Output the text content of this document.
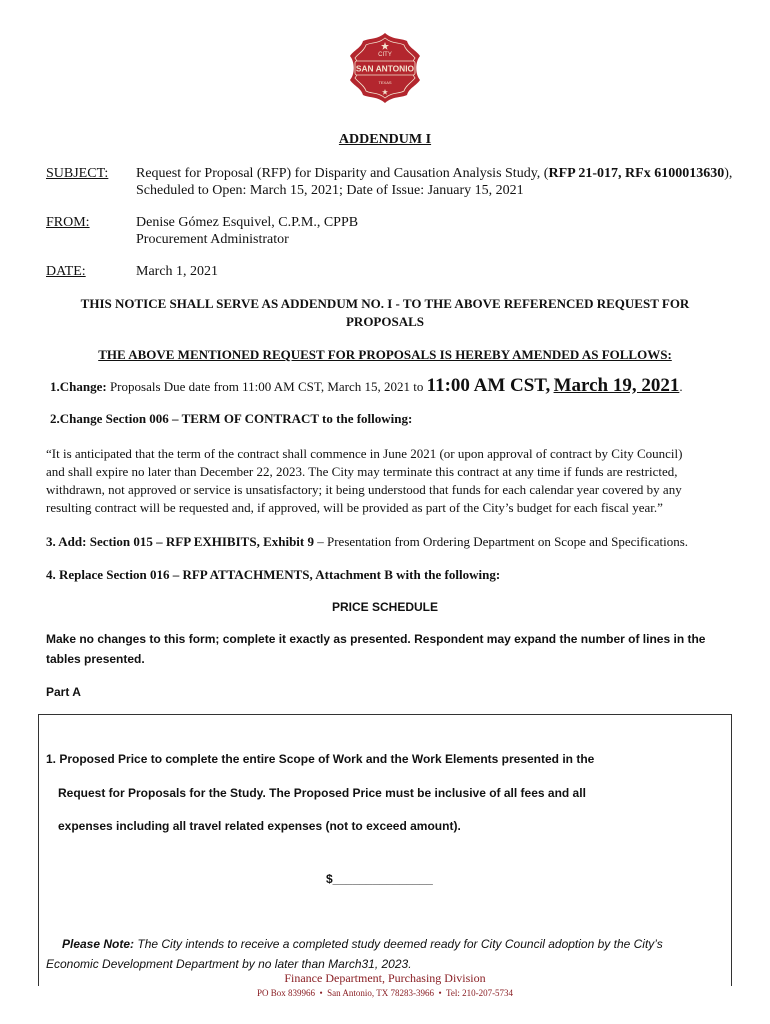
CITY
SAN ANTONIO
TEXAS
ADDENDUM I
SUBJECT: Request for Proposal (RFP) for Disparity and Causation Analysis Study, (RFP 21-017, RFx 6100013630),
Scheduled to Open: March 15, 2021; Date of Issue: January 15, 2021
FROM:	Denise Gómez Esquivel, C.P.M., CPPB
Procurement Administrator
DATE:	March 1, 2021
THIS NOTICE SHALL SERVE AS ADDENDUM NO. I - TO THE ABOVE REFERENCED REQUEST FOR
PROPOSALS
THE ABOVE MENTIONED REQUEST FOR PROPOSALS IS HEREBY AMENDED AS FOLLOWS:
1.Change: Proposals Due date from 11:00 AM CST, March 15, 2021 to 11:00 AM CST, March 19, 2021.
2.Change Section 006 – TERM OF CONTRACT to the following:
“It is anticipated that the term of the contract shall commence in June 2021 (or upon approval of contract by City Council)
and shall expire no later than December 22, 2023. The City may terminate this contract at any time if funds are restricted,
withdrawn, not approved or service is unsatisfactory; it being understood that funds for each calendar year covered by any
resulting contract will be requested and, if approved, will be provided as part of the City’s budget for each fiscal year.”
3. Add: Section 015 – RFP EXHIBITS, Exhibit 9 – Presentation from Ordering Department on Scope and Specifications.
4. Replace Section 016 – RFP ATTACHMENTS, Attachment B with the following:
PRICE SCHEDULE
Make no changes to this form; complete it exactly as presented. Respondent may expand the number of lines in the
tables presented.
Part A
1. Proposed Price to complete the entire Scope of Work and the Work Elements presented in the
Request for Proposals for the Study. The Proposed Price must be inclusive of all fees and all
expenses including all travel related expenses (not to exceed amount).
$_______________
Please Note: The City intends to receive a completed study deemed ready for City Council adoption by the City’s
Economic Development Department by no later than March31, 2023.
Finance Department, Purchasing Division
PO Box 839966 • San Antonio, TX 78283-3966 • Tel: 210-207-5734
